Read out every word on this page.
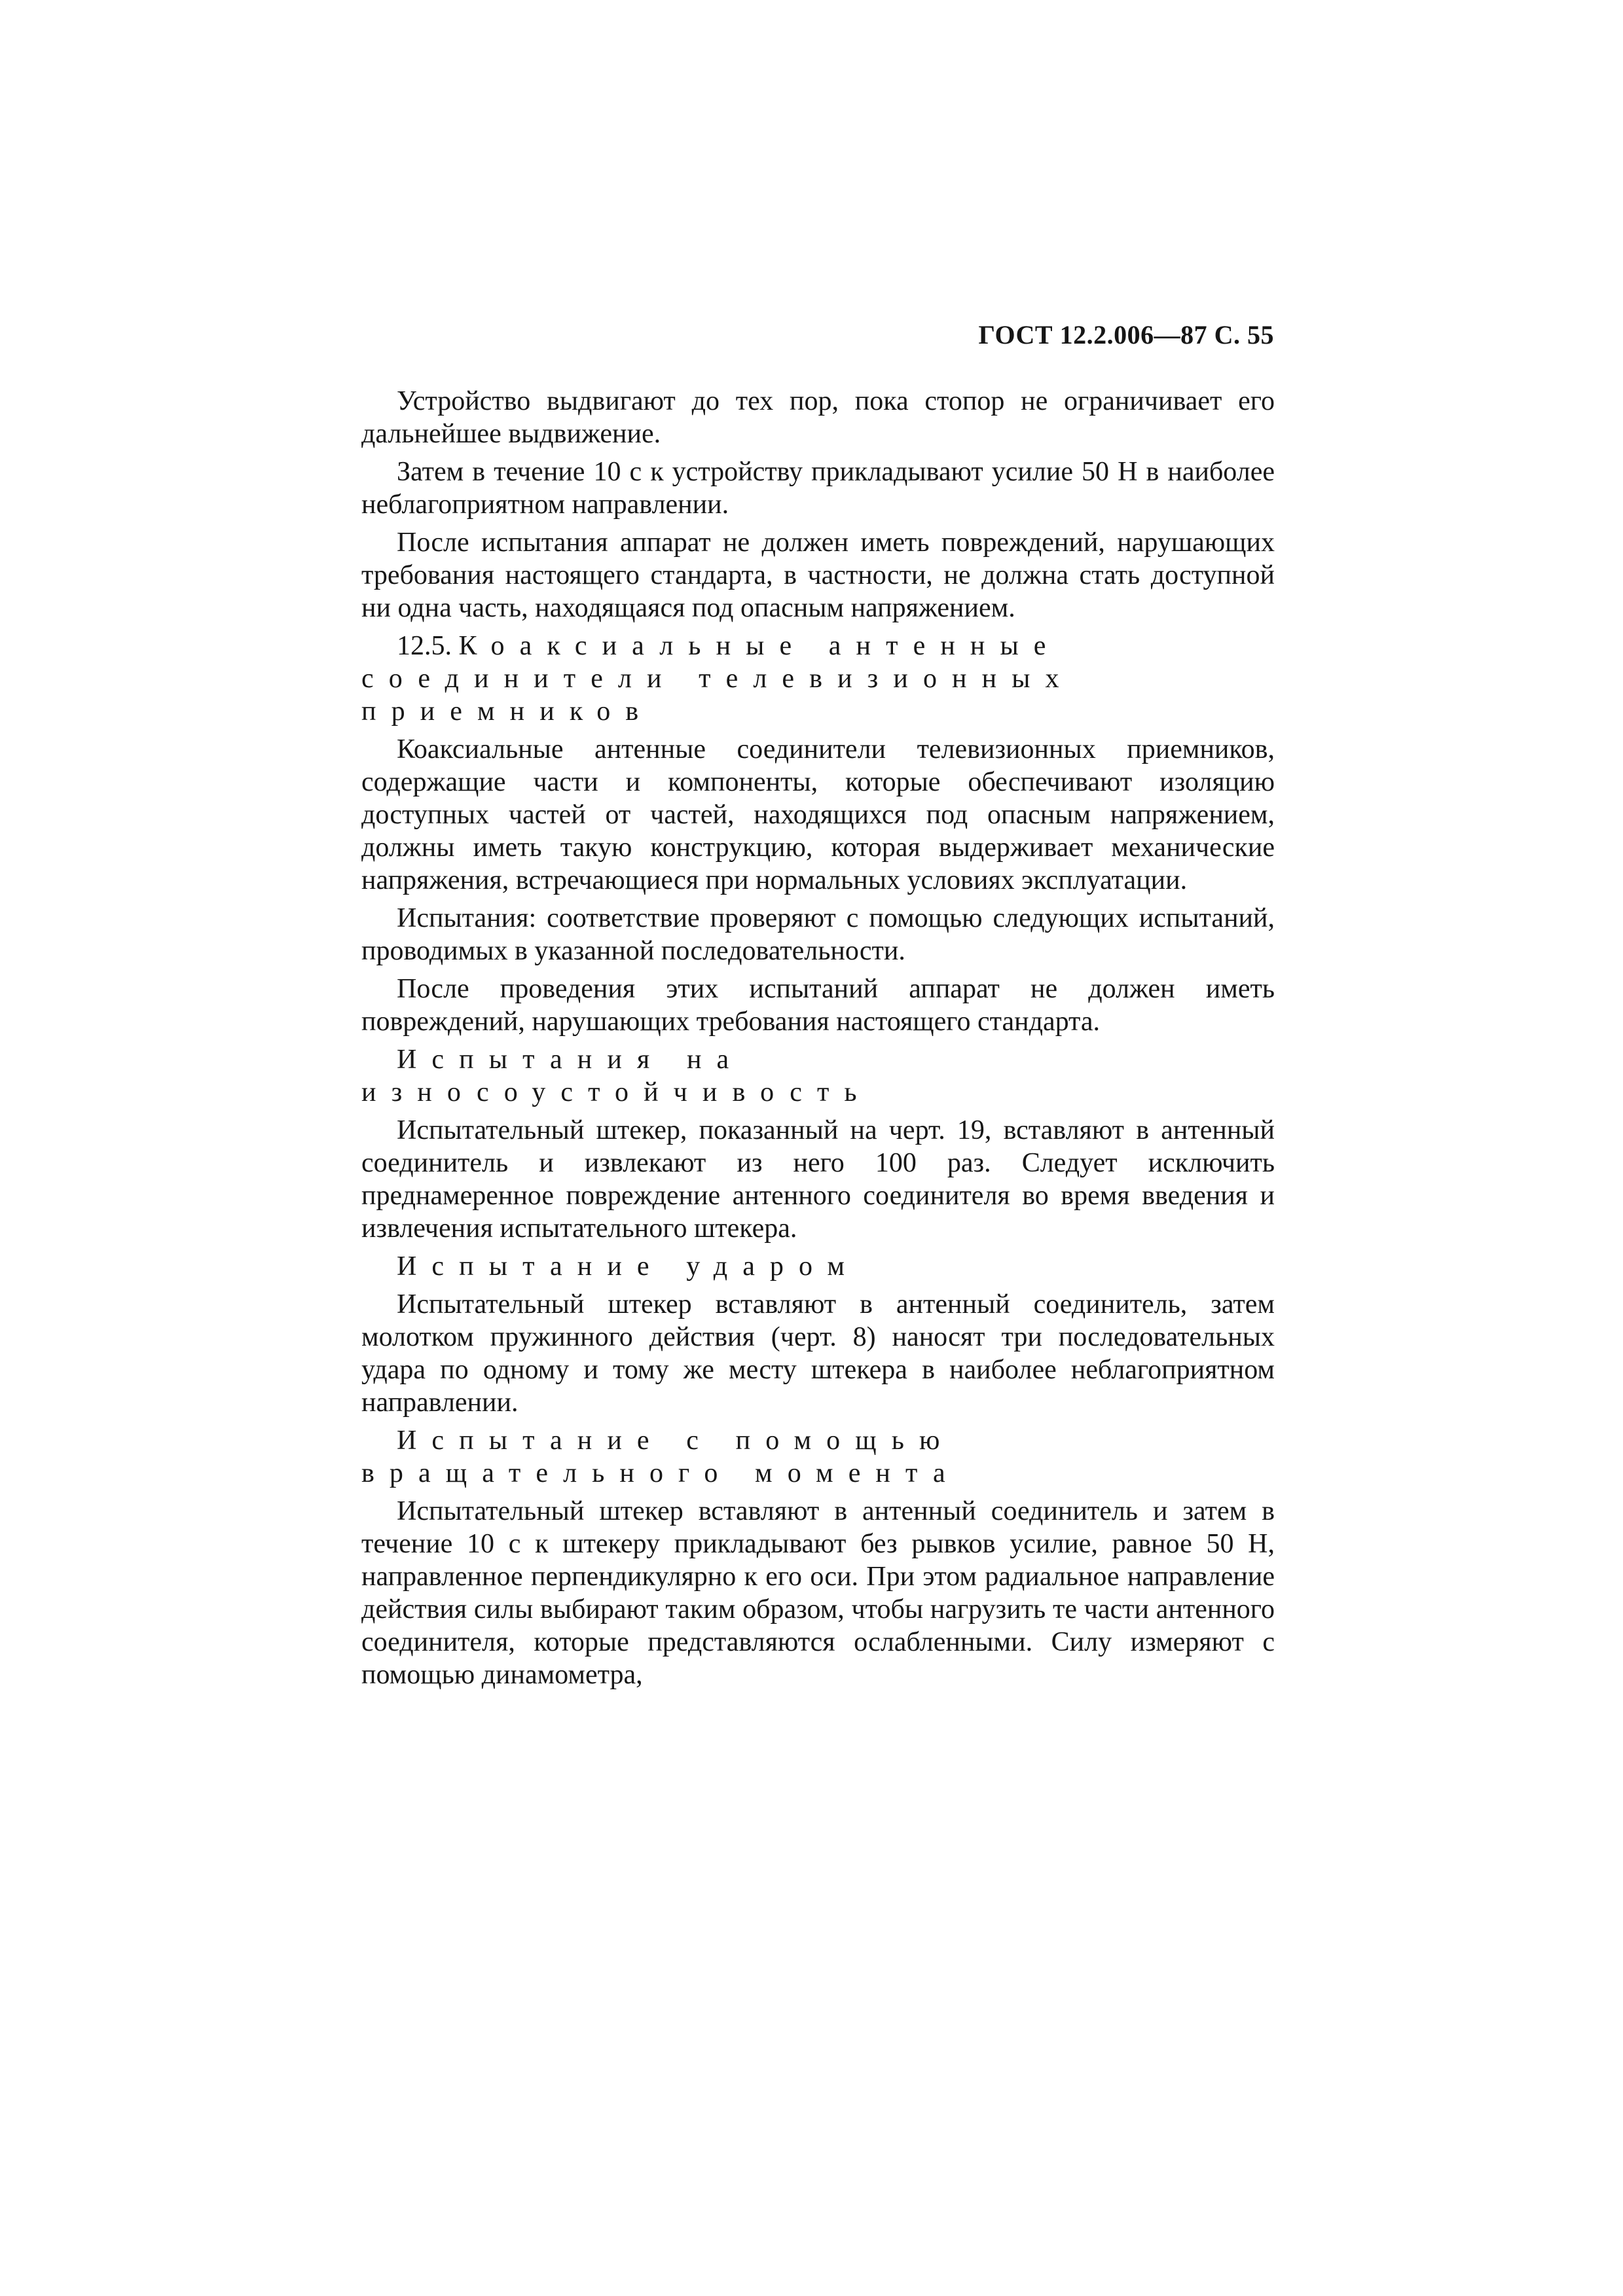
ГОСТ 12.2.006—87 С. 55

Устройство выдвигают до тех пор, пока стопор не ограничивает его дальнейшее выдвижение.

Затем в течение 10 с к устройству прикладывают усилие 50 Н в наиболее неблагоприятном направлении.

После испытания аппарат не должен иметь повреждений, нарушающих требования настоящего стандарта, в частности, не должна стать доступной ни одна часть, находящаяся под опасным напряжением.

12.5. Коаксиальные антенные соединители телевизионных приемников

Коаксиальные антенные соединители телевизионных приемников, содержащие части и компоненты, которые обеспечивают изоляцию доступных частей от частей, находящихся под опасным напряжением, должны иметь такую конструкцию, которая выдерживает механические напряжения, встречающиеся при нормальных условиях эксплуатации.

Испытания: соответствие проверяют с помощью следующих испытаний, проводимых в указанной последовательности.

После проведения этих испытаний аппарат не должен иметь повреждений, нарушающих требования настоящего стандарта.

Испытания на износоустойчивость

Испытательный штекер, показанный на черт. 19, вставляют в антенный соединитель и извлекают из него 100 раз. Следует исключить преднамеренное повреждение антенного соединителя во время введения и извлечения испытательного штекера.

Испытание ударом

Испытательный штекер вставляют в антенный соединитель, затем молотком пружинного действия (черт. 8) наносят три последовательных удара по одному и тому же месту штекера в наиболее неблагоприятном направлении.

Испытание с помощью вращательного момента

Испытательный штекер вставляют в антенный соединитель и затем в течение 10 с к штекеру прикладывают без рывков усилие, равное 50 Н, направленное перпендикулярно к его оси. При этом радиальное направление действия силы выбирают таким образом, чтобы нагрузить те части антенного соединителя, которые представляются ослабленными. Силу измеряют с помощью динамометра,
